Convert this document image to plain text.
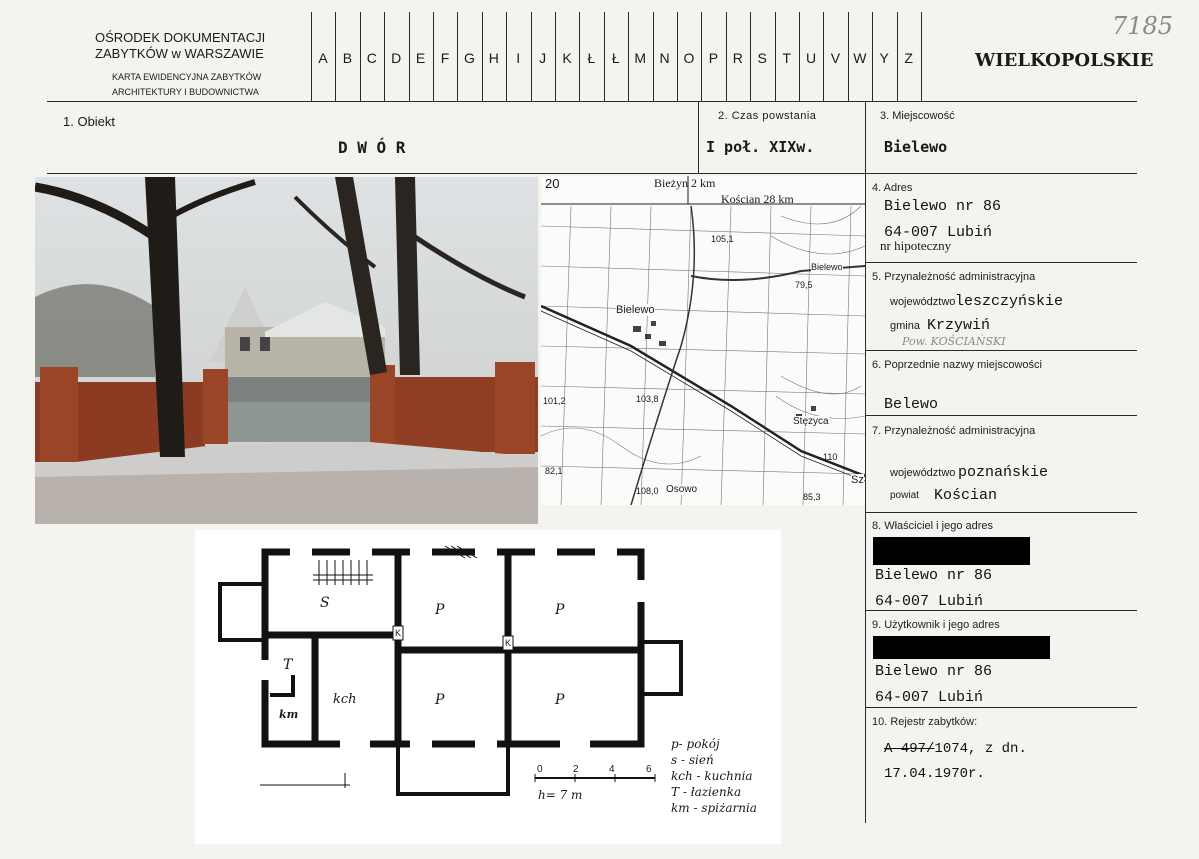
OŚRODEK DOKUMENTACJI
ZABYTKÓW w WARSZAWIE
KARTA EWIDENCYJNA ZABYTKÓW
ARCHITEKTURY I BUDOWNICTWA
A	B	C	D	E	F	G H	I	J	K	Ł	Ł	M N O	P	R	S	T	U	V W Y	Z	WIELKOPOLSKIE
7185
1. Obiekt
D W Ó R
2. Czas powstania
I poł. XIXw.
3. Miejscowość
Bielewo
20	Bieżyn 2 km
Kościan 28 km
Bielewo
Stęzyca
Osowo
Bielewo
105,1
79,5
103,8
101,2
82,1
108,0
85,3
110
Sz
S	P	P
kch	P	P
T
km
K
K
p- pokój
s - sień
kch - kuchnia
T - łazienka
km - spiżarnia
0	2	4	6
h= 7 m
4. Adres
Bielewo nr 86
64-007 Lubiń
nr hipoteczny
5. Przynależność administracyjna
województwo leszczyńskie
gmina Krzywiń
Pow. KOŚCIAŃSKI
6. Poprzednie nazwy miejscowości
Belewo
7. Przynależność administracyjna
województwo poznańskie
powiat Kościan
8. Właściciel i jego adres
Bielewo nr 86
64-007 Lubiń
9. Użytkownik i jego adres
Bielewo nr 86
64-007 Lubiń
10. Rejestr zabytków:
A 497/1074, z dn.
17.04.1970r.
